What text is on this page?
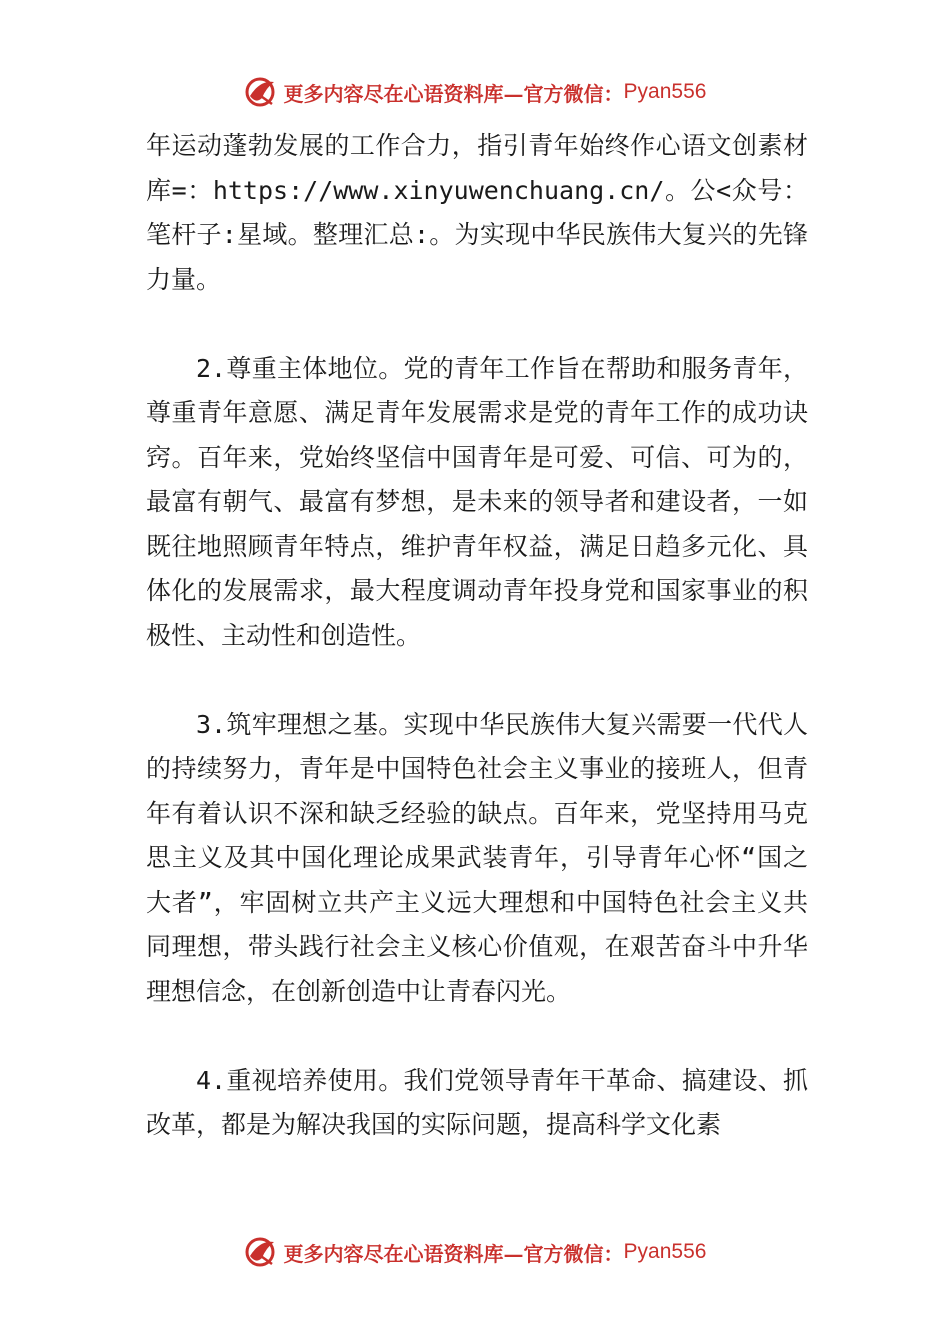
更多内容尽在心语资料库— 官方微信： Pyan556

年运动蓬勃发展的工作合力，指引青年始终作心语文创素材库=：https://www.xinyuwenchuang.cn/。公<众号：笔杆子:星域。整理汇总:。为实现中华民族伟大复兴的先锋力量。

2.尊重主体地位。党的青年工作旨在帮助和服务青年，尊重青年意愿、满足青年发展需求是党的青年工作的成功诀窍。百年来，党始终坚信中国青年是可爱、可信、可为的，最富有朝气、最富有梦想，是未来的领导者和建设者，一如既往地照顾青年特点，维护青年权益，满足日趋多元化、具体化的发展需求，最大程度调动青年投身党和国家事业的积极性、主动性和创造性。

3.筑牢理想之基。实现中华民族伟大复兴需要一代代人的持续努力，青年是中国特色社会主义事业的接班人，但青年有着认识不深和缺乏经验的缺点。百年来，党坚持用马克思主义及其中国化理论成果武装青年，引导青年心怀“国之大者”，牢固树立共产主义远大理想和中国特色社会主义共同理想，带头践行社会主义核心价值观，在艰苦奋斗中升华理想信念，在创新创造中让青春闪光。

4.重视培养使用。我们党领导青年干革命、搞建设、抓改革，都是为解决我国的实际问题，提高科学文化素

更多内容尽在心语资料库— 官方微信： Pyan556
